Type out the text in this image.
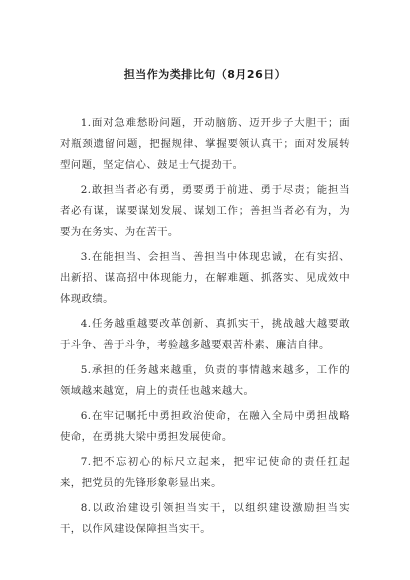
担当作为类排比句（8月26日）

1.面对急难愁盼问题，开动脑筋、迈开步子大胆干；面对瓶颈遗留问题，把握规律、掌握要领认真干；面对发展转型问题，坚定信心、鼓足士气提劲干。

2.敢担当者必有勇，勇要勇于前进、勇于尽责；能担当者必有谋，谋要谋划发展、谋划工作；善担当者必有为，为要为在务实、为在苦干。

3.在能担当、会担当、善担当中体现忠诚，在有实招、出新招、谋高招中体现能力，在解难题、抓落实、见成效中体现政绩。

4.任务越重越要改革创新、真抓实干，挑战越大越要敢于斗争、善于斗争，考验越多越要艰苦朴素、廉洁自律。

5.承担的任务越来越重，负责的事情越来越多，工作的领域越来越宽，肩上的责任也越来越大。

6.在牢记嘱托中勇担政治使命，在融入全局中勇担战略使命，在勇挑大梁中勇担发展使命。

7.把不忘初心的标尺立起来，把牢记使命的责任扛起来，把党员的先锋形象彰显出来。

8.以政治建设引领担当实干，以组织建设激励担当实干，以作风建设保障担当实干。
